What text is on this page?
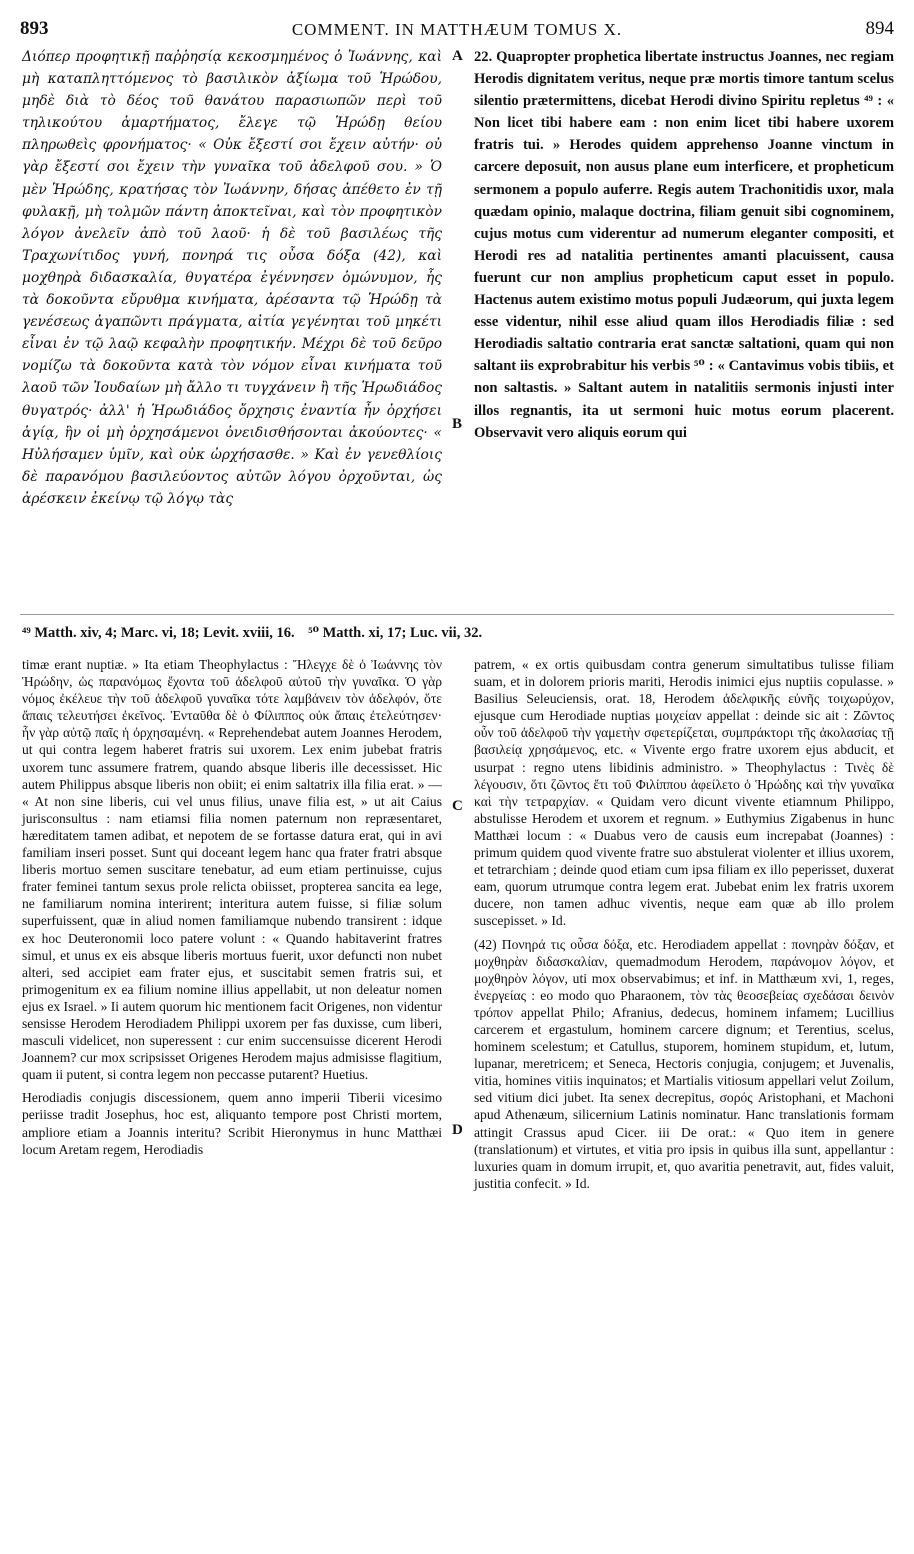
893	COMMENT. IN MATTHÆUM TOMUS X.	894

Διόπερ προφητικῇ παῤῥησίᾳ κεκοσμημένος ὁ Ἰωάννης, καὶ μὴ καταπληττόμενος τὸ βασιλικὸν ἀξίωμα τοῦ Ἡρώδου, μηδὲ διὰ τὸ δέος τοῦ θανάτου παρασιωπῶν περὶ τοῦ τηλικούτου ἁμαρτήματος, ἔλεγε τῷ Ἡρώδῃ θείου πληρωθεὶς φρονήματος· « Οὐκ ἔξεστί σοι ἔχειν αὐτήν· οὐ γὰρ ἔξεστί σοι ἔχειν τὴν γυναῖκα τοῦ ἀδελφοῦ σου. » Ὁ μὲν Ἡρώδης, κρατήσας τὸν Ἰωάννην, δήσας ἀπέθετο ἐν τῇ φυλακῇ, μὴ τολμῶν πάντη ἀποκτεῖναι, καὶ τὸν προφητικὸν λόγον ἀνελεῖν ἀπὸ τοῦ λαοῦ· ἡ δὲ τοῦ βασιλέως τῆς Τραχωνίτιδος γυνή, πονηρά τις οὖσα δόξα (42), καὶ μοχθηρὰ διδασκαλία, θυγατέρα ἐγέννησεν ὁμώνυμον, ἧς τὰ δοκοῦντα εὔρυθμα κινήματα, ἀρέσαντα τῷ Ἡρώδῃ τὰ γενέσεως ἀγαπῶντι πράγματα, αἰτία γεγένηται τοῦ μηκέτι εἶναι ἐν τῷ λαῷ κεφαλὴν προφητικήν. Μέχρι δὲ τοῦ δεῦρο νομίζω τὰ δοκοῦντα κατὰ τὸν νόμον εἶναι κινήματα τοῦ λαοῦ τῶν Ἰουδαίων μὴ ἄλλο τι τυγχάνειν ἢ τῆς Ἡρωδιάδος θυγατρός· ἀλλ' ἡ Ἡρωδιάδος ὄρχησις ἐναντία ἦν ὀρχήσει ἁγίᾳ, ἣν οἱ μὴ ὀρχησάμενοι ὀνειδισθήσονται ἀκούοντες· « Ηὐλήσαμεν ὑμῖν, καὶ οὐκ ὠρχήσασθε. » Καὶ ἐν γενεθλίοις δὲ παρανόμου βασιλεύοντος αὐτῶν λόγου ὀρχοῦνται, ὡς ἀρέσκειν ἐκείνῳ τῷ λόγῳ τὰς

A
B

22. Quapropter prophetica libertate instructus Joannes, nec regiam Herodis dignitatem veritus, neque præ mortis timore tantum scelus silentio prætermittens, dicebat Herodi divino Spiritu repletus ⁴⁹ : « Non licet tibi habere eam : non enim licet tibi habere uxorem fratris tui. » Herodes quidem apprehenso Joanne vinctum in carcere deposuit, non ausus plane eum interficere, et propheticum sermonem a populo auferre. Regis autem Trachonitidis uxor, mala quædam opinio, malaque doctrina, filiam genuit sibi cognominem, cujus motus cum viderentur ad numerum eleganter compositi, et Herodi res ad natalitia pertinentes amanti placuissent, causa fuerunt cur non amplius propheticum caput esset in populo. Hactenus autem existimo motus populi Judæorum, qui juxta legem esse videntur, nihil esse aliud quam illos Herodiadis filiæ : sed Herodiadis saltatio contraria erat sanctæ saltationi, quam qui non saltant iis exprobrabitur his verbis ⁵⁰ : « Cantavimus vobis tibiis, et non saltastis. » Saltant autem in natalitiis sermonis injusti inter illos regnantis, ita ut sermoni huic motus eorum placerent. Observavit vero aliquis eorum qui

⁴⁹ Matth. xiv, 4; Marc. vi, 18; Levit. xviii, 16. ⁵⁰ Matth. xi, 17; Luc. vii, 32.

timæ erant nuptiæ. » Ita etiam Theophylactus : Ἤλεγχε δὲ ὁ Ἰωάννης τὸν Ἡρώδην, ὡς παρανόμως ἔχοντα τοῦ ἀδελφοῦ αὐτοῦ τὴν γυναῖκα. Ὁ γὰρ νόμος ἐκέλευε τὴν τοῦ ἀδελφοῦ γυναῖκα τότε λαμβάνειν τὸν ἀδελφόν, ὅτε ἄπαις τελευτήσει ἐκεῖνος. Ἐνταῦθα δὲ ὁ Φίλιππος οὐκ ἄπαις ἐτελεύτησεν· ἦν γὰρ αὐτῷ παῖς ἡ ὀρχησαμένη. « Reprehendebat autem Joannes Herodem, ut qui contra legem haberet fratris sui uxorem. Lex enim jubebat fratris uxorem tunc assumere fratrem, quando absque liberis ille decessisset. Hic autem Philippus absque liberis non obiit; ei enim saltatrix illa filia erat. » — « At non sine liberis, cui vel unus filius, unave filia est, » ut ait Caius jurisconsultus : nam etiamsi filia nomen paternum non repræsentaret, hæreditatem tamen adibat, et nepotem de se fortasse datura erat, qui in avi familiam inseri posset. Sunt qui doceant legem hanc qua frater fratri absque liberis mortuo semen suscitare tenebatur, ad eum etiam pertinuisse, cujus frater feminei tantum sexus prole relicta obiisset, propterea sancita ea lege, ne familiarum nomina interirent; interitura autem fuisse, si filiæ solum superfuissent, quæ in aliud nomen familiamque nubendo transirent : idque ex hoc Deuteronomii loco patere volunt : « Quando habitaverint fratres simul, et unus ex eis absque liberis mortuus fuerit, uxor defuncti non nubet alteri, sed accipiet eam frater ejus, et suscitabit semen fratris sui, et primogenitum ex ea filium nomine illius appellabit, ut non deleatur nomen ejus ex Israel. » Ii autem quorum hic mentionem facit Origenes, non videntur sensisse Herodem Herodiadem Philippi uxorem per fas duxisse, cum liberi, masculi videlicet, non superessent : cur enim succensuisse dicerent Herodi Joannem? cur mox scripsisset Origenes Herodem majus admisisse flagitium, quam ii putent, si contra legem non peccasse putarent? Huetius.

Herodiadis conjugis discessionem, quem anno imperii Tiberii vicesimo periisse tradit Josephus, hoc est, aliquanto tempore post Christi mortem, ampliore etiam a Joannis interitu? Scribit Hieronymus in hunc Matthæi locum Aretam regem, Herodiadis

C
D

patrem, « ex ortis quibusdam contra generum simultatibus tulisse filiam suam, et in dolorem prioris mariti, Herodis inimici ejus nuptiis copulasse. » Basilius Seleuciensis, orat. 18, Herodem ἀδελφικῆς εὐνῆς τοιχωρύχον, ejusque cum Herodiade nuptias μοιχείαν appellat : deinde sic ait : Ζῶντος οὖν τοῦ ἀδελφοῦ τὴν γαμετὴν σφετερίζεται, συμπράκτορι τῆς ἀκολασίας τῇ βασιλείᾳ χρησάμενος, etc. « Vivente ergo fratre uxorem ejus abducit, et usurpat : regno utens libidinis administro. » Theophylactus : Τινὲς δὲ λέγουσιν, ὅτι ζῶντος ἔτι τοῦ Φιλίππου ἀφείλετο ὁ Ἡρώδης καὶ τὴν γυναῖκα καὶ τὴν τετραρχίαν. « Quidam vero dicunt vivente etiamnum Philippo, abstulisse Herodem et uxorem et regnum. » Euthymius Zigabenus in hunc Matthæi locum : « Duabus vero de causis eum increpabat (Joannes) : primum quidem quod vivente fratre suo abstulerat violenter et illius uxorem, et tetrarchiam ; deinde quod etiam cum ipsa filiam ex illo peperisset, duxerat eam, quorum utrumque contra legem erat. Jubebat enim lex fratris uxorem ducere, non tamen adhuc viventis, neque eam quæ ab illo prolem suscepisset. » Id.

(42) Πονηρά τις οὖσα δόξα, etc. Herodiadem appellat : πονηρὰν δόξαν, et μοχθηρὰν διδασκαλίαν, quemadmodum Herodem, παράνομον λόγον, et μοχθηρὸν λόγον, uti mox observabimus; et inf. in Matthæum xvi, 1, reges, ἐνεργείας : eo modo quo Pharaonem, τὸν τὰς θεοσεβείας σχεδάσαι δεινὸν τρόπον appellat Philo; Afranius, dedecus, hominem infamem; Lucillius carcerem et ergastulum, hominem carcere dignum; et Terentius, scelus, hominem scelestum; et Catullus, stuporem, hominem stupidum, et, lutum, lupanar, meretricem; et Seneca, Hectoris conjugia, conjugem; et Juvenalis, vitia, homines vitiis inquinatos; et Martialis vitiosum appellari velut Zoilum, sed vitium dici jubet. Ita senex decrepitus, σορός Aristophani, et Machoni apud Athenæum, silicernium Latinis nominatur. Hanc translationis formam attingit Crassus apud Cicer. iii De orat.: « Quo item in genere (translationum) et virtutes, et vitia pro ipsis in quibus illa sunt, appellantur : luxuries quam in domum irrupit, et, quo avaritia penetravit, aut, fides valuit, justitia confecit. » Id.
